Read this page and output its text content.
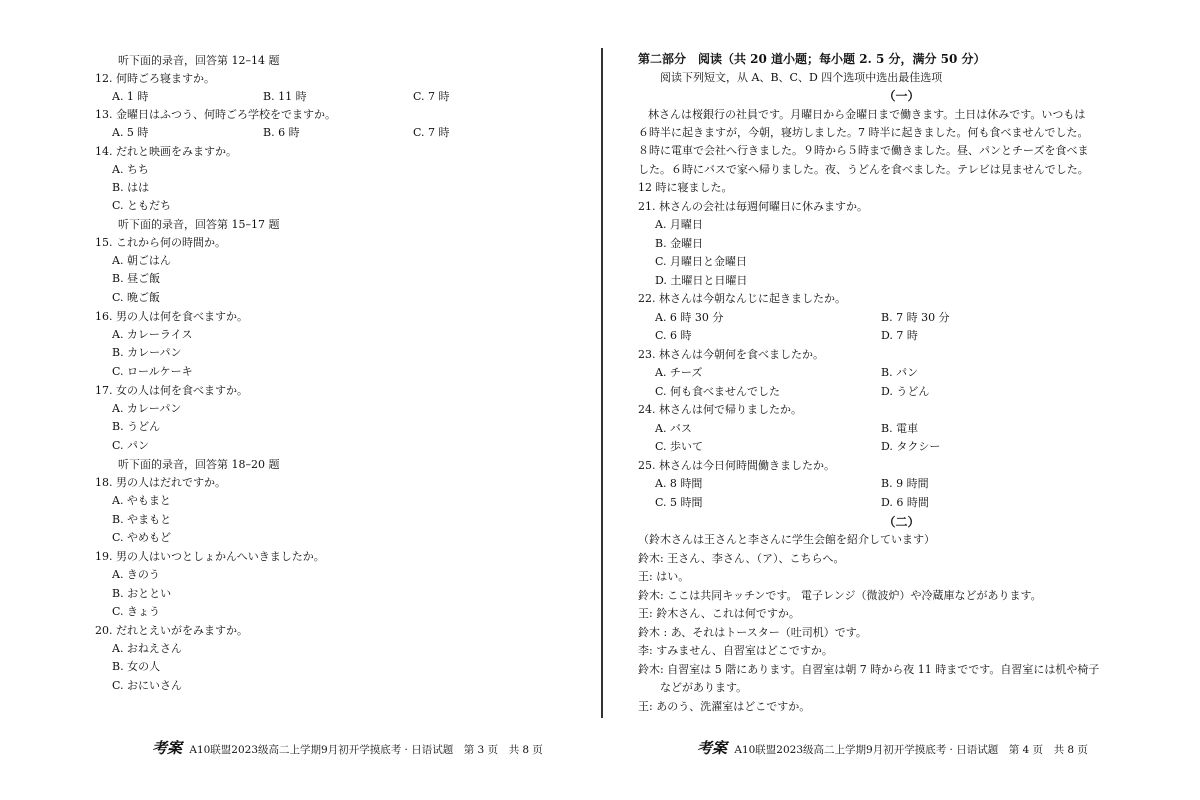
听下面的录音，回答第 12–14 题
12. 何時ごろ寝ますか。
A. 1 時	B. 11 時	C. 7 時
13. 金曜日はふつう、何時ごろ学校をでますか。
A. 5 時	B. 6 時	C. 7 時
14. だれと映画をみますか。
A. ちち
B. はは
C. ともだち
听下面的录音，回答第 15–17 题
15. これから何の時間か。
A. 朝ごはん
B. 昼ご飯
C. 晩ご飯
16. 男の人は何を食べますか。
A. カレーライス
B. カレーパン
C. ロールケーキ
17. 女の人は何を食べますか。
A. カレーパン
B. うどん
C. パン
听下面的录音，回答第 18–20 题
18. 男の人はだれですか。
A. やもまと
B. やまもと
C. やめもど
19. 男の人はいつとしょかんへいきましたか。
A. きのう
B. おととい
C. きょう
20. だれとえいがをみますか。
A. おねえさん
B. 女の人
C. おにいさん
第二部分　阅读（共 20 道小题；每小题 2. 5 分，满分 50 分）
阅读下列短文，从 A、B、C、D 四个选项中选出最佳选项
林さんは桜銀行の社員です。月曜日から金曜日まで働きます。土日は休みです。いつもは
６時半に起きますが，今朝，寝坊しました。7 時半に起きました。何も食べませんでした。
８時に電車で会社へ行きました。９時から５時まで働きました。昼、パンとチーズを食べま
した。６時にバスで家へ帰りました。夜、うどんを食べました。テレビは見ませんでした。
12 時に寝ました。
21. 林さんの会社は毎週何曜日に休みますか。
A. 月曜日
B. 金曜日
C. 月曜日と金曜日
D. 土曜日と日曜日
22. 林さんは今朝なんじに起きましたか。
A. 6 時 30 分	B. 7 時 30 分
C. 6 時	D. 7 時
23. 林さんは今朝何を食べましたか。
A. チーズ	B. パン
C. 何も食べませんでした	D. うどん
24. 林さんは何で帰りましたか。
A. バス	B. 電車
C. 歩いて	D. タクシー
25. 林さんは今日何時間働きましたか。
A. 8 時間	B. 9 時間
C. 5 時間	D. 6 時間
（鈴木さんは王さんと李さんに学生会館を紹介しています）
鈴木: 王さん、李さん、（ア）、こちらへ。
王: はい。
鈴木: ここは共同キッチンです。 電子レンジ（微波炉）や冷蔵庫などがあります。
王: 鈴木さん、これは何ですか。
鈴木 : あ、それはトースター（吐司机）です。
李: すみません、自習室はどこですか。
鈴木: 自習室は 5 階にあります。自習室は朝 7 時から夜 11 時までです。自習室には机や椅子
などがあります。
王: あのう、洗濯室はどこですか。
（一）
（二）
考案 A10联盟2023级高二上学期9月初开学摸底考 · 日语试题　第 3 页　共 8 页	考案 A10联盟2023级高二上学期9月初开学摸底考 · 日语试题　第 4 页　共 8 页
